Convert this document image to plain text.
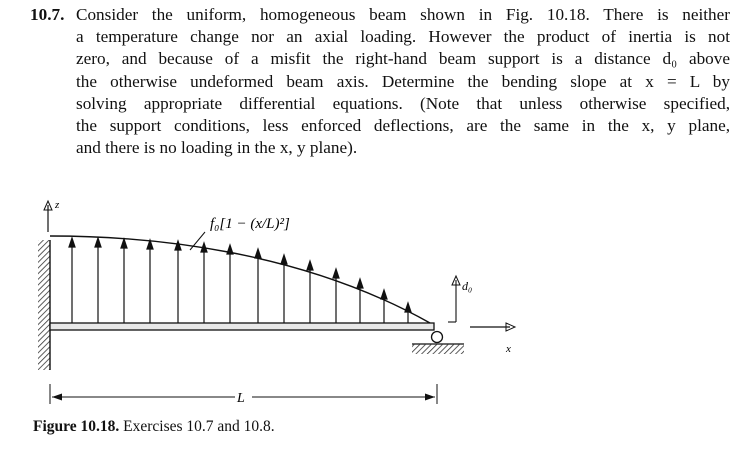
10.7. Consider the uniform, homogeneous beam shown in Fig. 10.18. There is neither
a temperature change nor an axial loading. However the product of inertia is not
zero, and because of a misfit the right-hand beam support is a distance d₀ above
the otherwise undeformed beam axis. Determine the bending slope at x = L by
solving appropriate differential equations. (Note that unless otherwise specified,
the support conditions, less enforced deflections, are the same in the x, y plane,
and there is no loading in the x, y plane).
z
f₀[1 − (x/L)²]
d₀
x
L
Figure 10.18. Exercises 10.7 and 10.8.
